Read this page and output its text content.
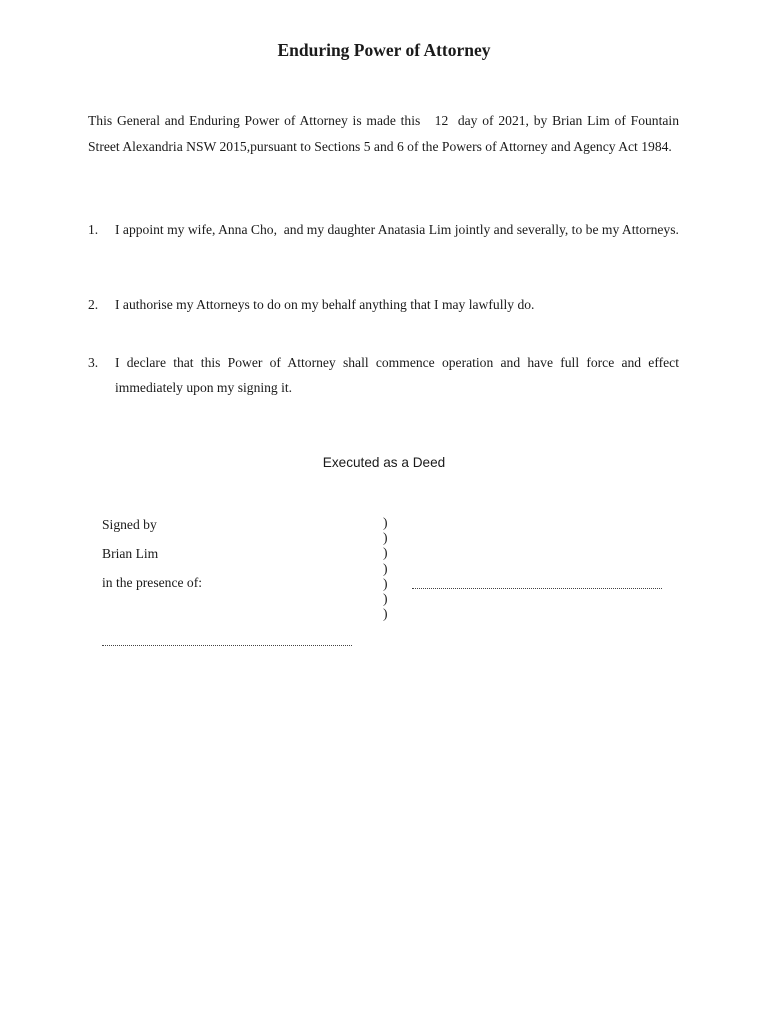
Enduring Power of Attorney

This General and Enduring Power of Attorney is made this   12  day of 2021, by Brian Lim of Fountain Street Alexandria NSW 2015,pursuant to Sections 5 and 6 of the Powers of Attorney and Agency Act 1984.

1. I appoint my wife, Anna Cho,  and my daughter Anatasia Lim jointly and severally, to be my Attorneys.
2. I authorise my Attorneys to do on my behalf anything that I may lawfully do.
3. I declare that this Power of Attorney shall commence operation and have full force and effect immediately upon my signing it.
Executed as a Deed
Signed by
Brian Lim
in the presence of:
)
)
)
)
)
)
)
